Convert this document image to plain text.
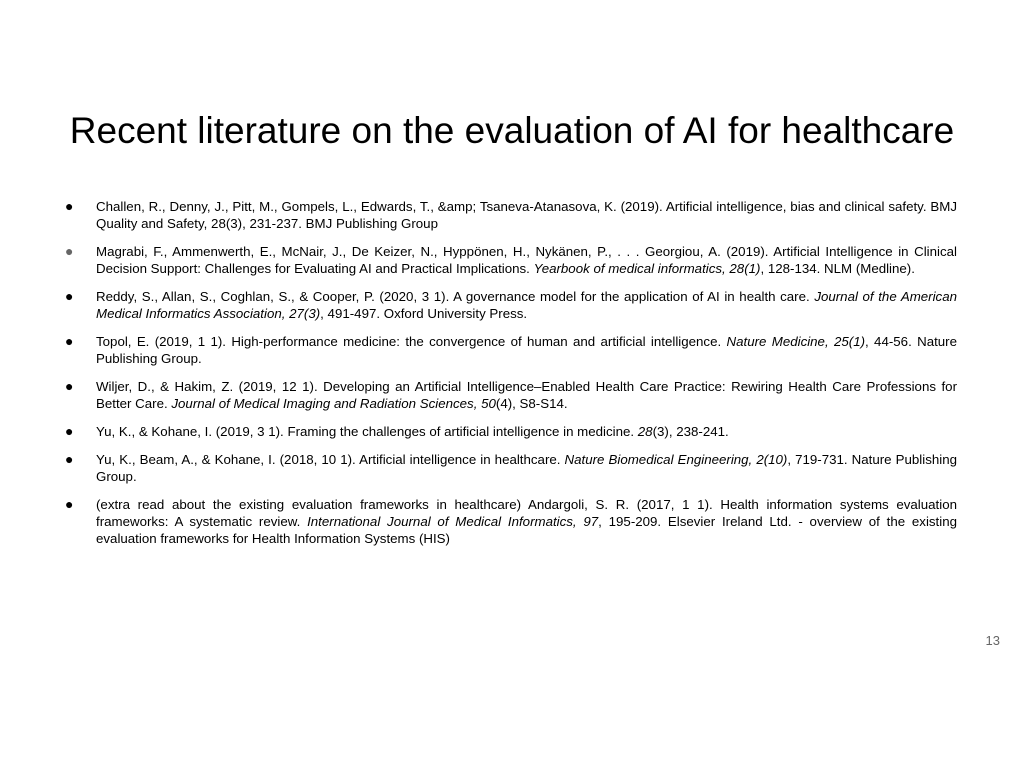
Recent literature on the evaluation of AI for healthcare
● Challen, R., Denny, J., Pitt, M., Gompels, L., Edwards, T., &amp; Tsaneva-Atanasova, K. (2019). Artificial intelligence, bias and clinical safety. BMJ Quality and Safety, 28(3), 231-237. BMJ Publishing Group
● Magrabi, F., Ammenwerth, E., McNair, J., De Keizer, N., Hyppönen, H., Nykänen, P., . . . Georgiou, A. (2019). Artificial Intelligence in Clinical Decision Support: Challenges for Evaluating AI and Practical Implications. Yearbook of medical informatics, 28(1), 128-134. NLM (Medline).
● Reddy, S., Allan, S., Coghlan, S., & Cooper, P. (2020, 3 1). A governance model for the application of AI in health care. Journal of the American Medical Informatics Association, 27(3), 491-497. Oxford University Press.
● Topol, E. (2019, 1 1). High-performance medicine: the convergence of human and artificial intelligence. Nature Medicine, 25(1), 44-56. Nature Publishing Group.
● Wiljer, D., & Hakim, Z. (2019, 12 1). Developing an Artificial Intelligence–Enabled Health Care Practice: Rewiring Health Care Professions for Better Care. Journal of Medical Imaging and Radiation Sciences, 50(4), S8-S14.
● Yu, K., & Kohane, I. (2019, 3 1). Framing the challenges of artificial intelligence in medicine. 28(3), 238-241.
● Yu, K., Beam, A., & Kohane, I. (2018, 10 1). Artificial intelligence in healthcare. Nature Biomedical Engineering, 2(10), 719-731. Nature Publishing Group.
● (extra read about the existing evaluation frameworks in healthcare) Andargoli, S. R. (2017, 1 1). Health information systems evaluation frameworks: A systematic review. International Journal of Medical Informatics, 97, 195-209. Elsevier Ireland Ltd. - overview of the existing evaluation frameworks for Health Information Systems (HIS)
13
